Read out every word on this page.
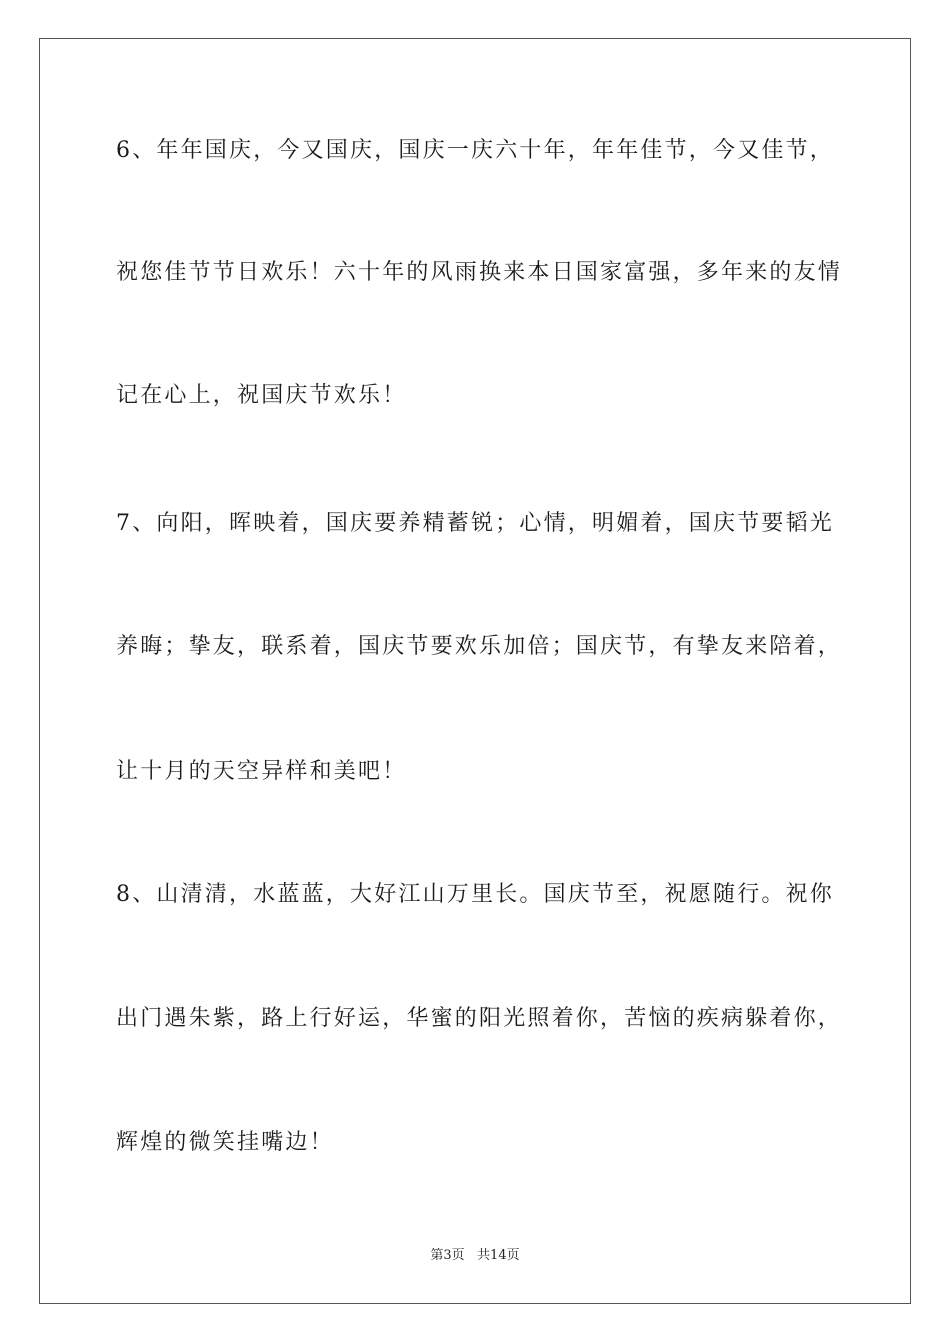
6、年年国庆，今又国庆，国庆一庆六十年，年年佳节，今又佳节，
祝您佳节节日欢乐！六十年的风雨换来本日国家富强，多年来的友情
记在心上，祝国庆节欢乐！
7、向阳，晖映着，国庆要养精蓄锐；心情，明媚着，国庆节要韬光
养晦；挚友，联系着，国庆节要欢乐加倍；国庆节，有挚友来陪着，
让十月的天空异样和美吧！
8、山清清，水蓝蓝，大好江山万里长。国庆节至，祝愿随行。祝你
出门遇朱紫，路上行好运，华蜜的阳光照着你，苦恼的疾病躲着你，
辉煌的微笑挂嘴边！
第3页   共14页
